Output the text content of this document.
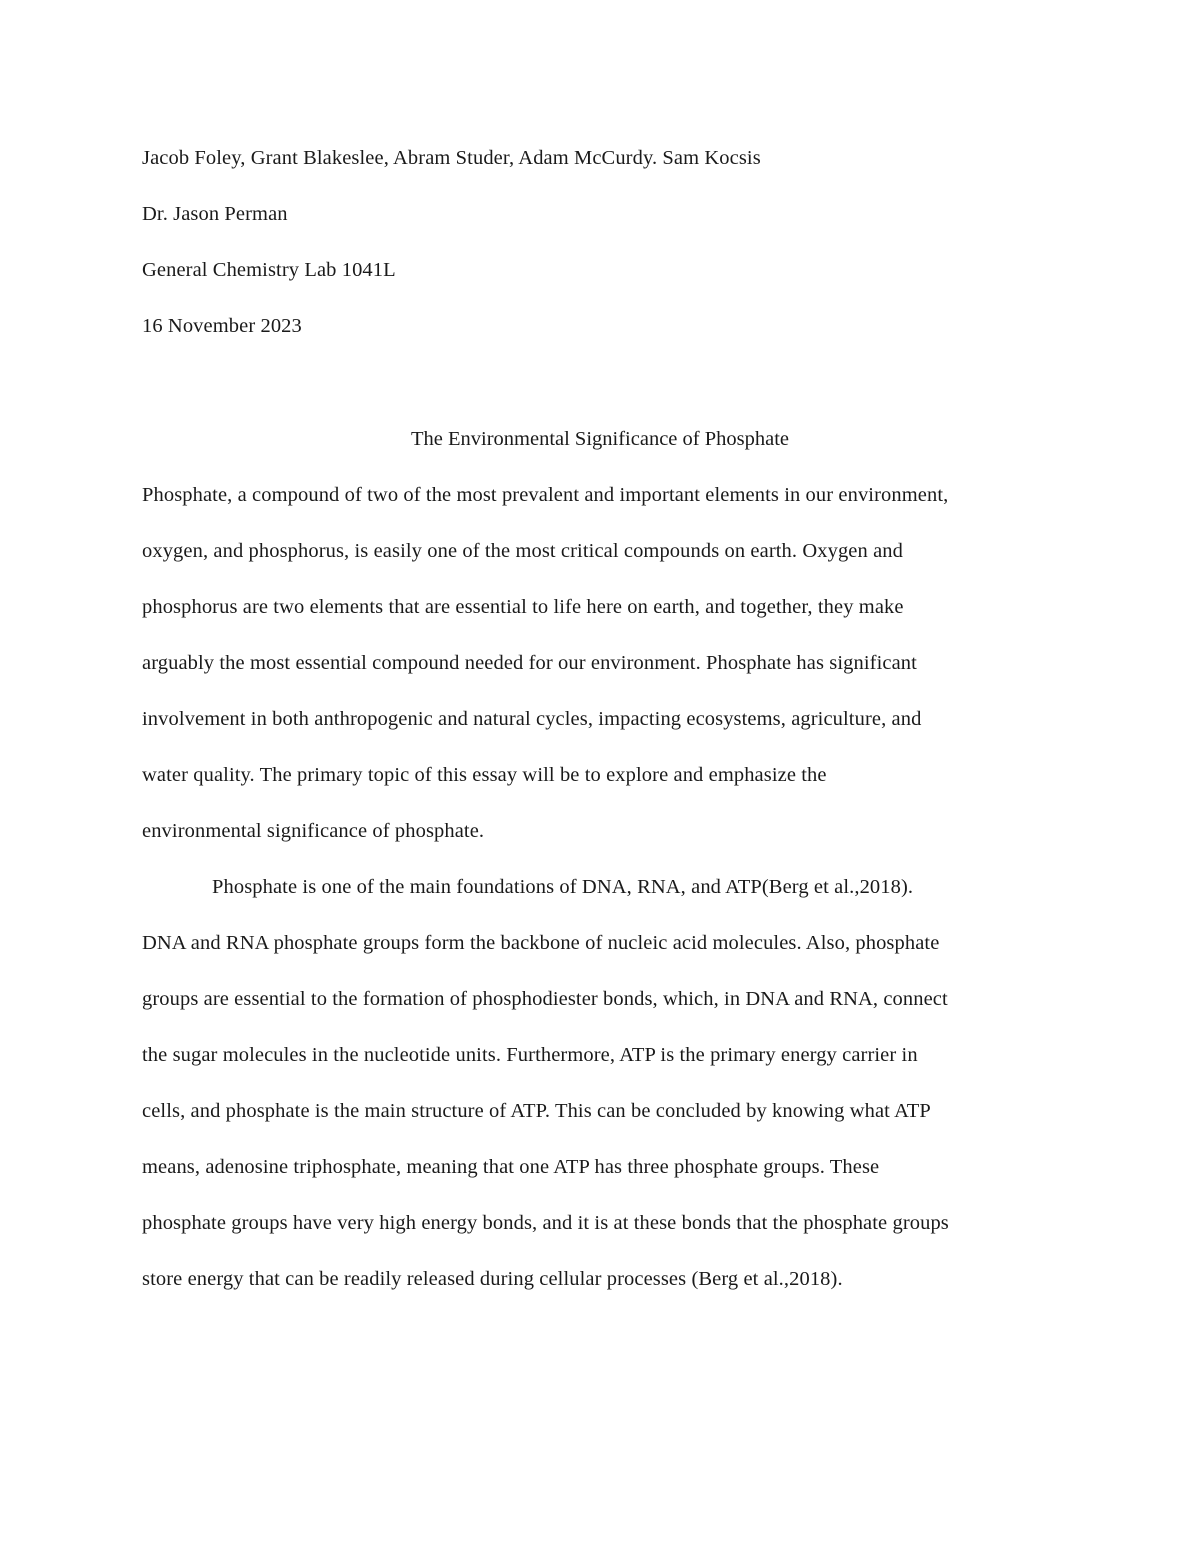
Jacob Foley, Grant Blakeslee, Abram Studer, Adam McCurdy. Sam Kocsis
Dr. Jason Perman
General Chemistry Lab 1041L
16 November 2023
The Environmental Significance of Phosphate
Phosphate, a compound of two of the most prevalent and important elements in our environment,
oxygen, and phosphorus, is easily one of the most critical compounds on earth. Oxygen and
phosphorus are two elements that are essential to life here on earth, and together, they make
arguably the most essential compound needed for our environment. Phosphate has significant
involvement in both anthropogenic and natural cycles, impacting ecosystems, agriculture, and
water quality. The primary topic of this essay will be to explore and emphasize the
environmental significance of phosphate.
Phosphate is one of the main foundations of DNA, RNA, and ATP(Berg et al.,2018).
DNA and RNA phosphate groups form the backbone of nucleic acid molecules. Also, phosphate
groups are essential to the formation of phosphodiester bonds, which, in DNA and RNA, connect
the sugar molecules in the nucleotide units. Furthermore, ATP is the primary energy carrier in
cells, and phosphate is the main structure of ATP. This can be concluded by knowing what ATP
means, adenosine triphosphate, meaning that one ATP has three phosphate groups. These
phosphate groups have very high energy bonds, and it is at these bonds that the phosphate groups
store energy that can be readily released during cellular processes (Berg et al.,2018).
